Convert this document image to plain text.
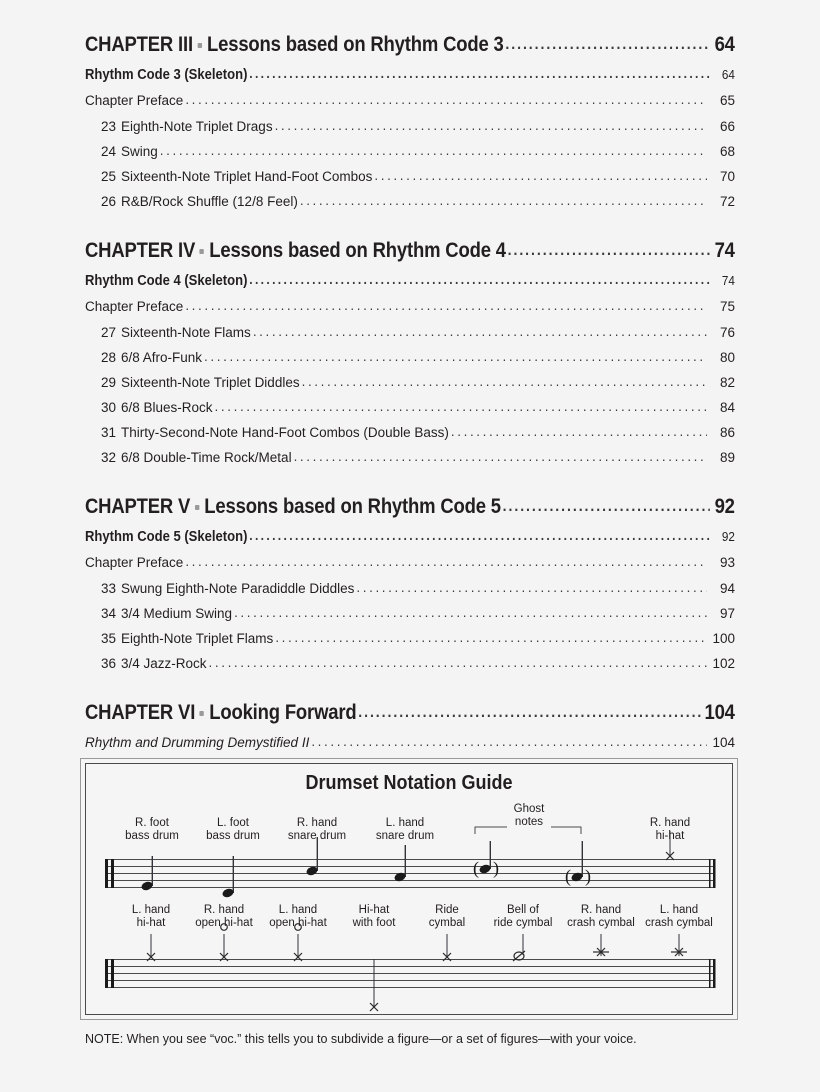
CHAPTER III Lessons based on Rhythm Code 3 .....	64
Rhythm Code 3 (Skeleton) .....	64
Chapter Preface .....	65
23 Eighth-Note Triplet Drags .....	66
24 Swing .....	68
25 Sixteenth-Note Triplet Hand-Foot Combos .....	70
26 R&B/Rock Shuffle (12/8 Feel) .....	72
CHAPTER IV Lessons based on Rhythm Code 4 .....	74
Rhythm Code 4 (Skeleton) .....	74
Chapter Preface .....	75
27 Sixteenth-Note Flams .....	76
28 6/8 Afro-Funk .....	80
29 Sixteenth-Note Triplet Diddles .....	82
30 6/8 Blues-Rock .....	84
31 Thirty-Second-Note Hand-Foot Combos (Double Bass) .....	86
32 6/8 Double-Time Rock/Metal .....	89
CHAPTER V Lessons based on Rhythm Code 5 .....	92
Rhythm Code 5 (Skeleton) .....	92
Chapter Preface .....	93
33 Swung Eighth-Note Paradiddle Diddles .....	94
34 3/4 Medium Swing .....	97
35 Eighth-Note Triplet Flams .....	100
36 3/4 Jazz-Rock .....	102
CHAPTER VI Looking Forward .....	104
Rhythm and Drumming Demystified II .....	104
Drumset Notation Guide
( )	( )
R. foot
bass drum
L. foot
bass drum
R. hand
snare drum
L. hand
snare drum
Ghost
notes	R. hand
hi-hat
L. hand
hi-hat
R. hand
open hi-hat
L. hand
open hi-hat
Hi-hat
with foot
Ride
cymbal
Bell of
ride cymbal
R. hand
crash cymbal
L. hand
crash cymbal
NOTE: When you see “voc.” this tells you to subdivide a figure—or a set of figures—with your voice.
